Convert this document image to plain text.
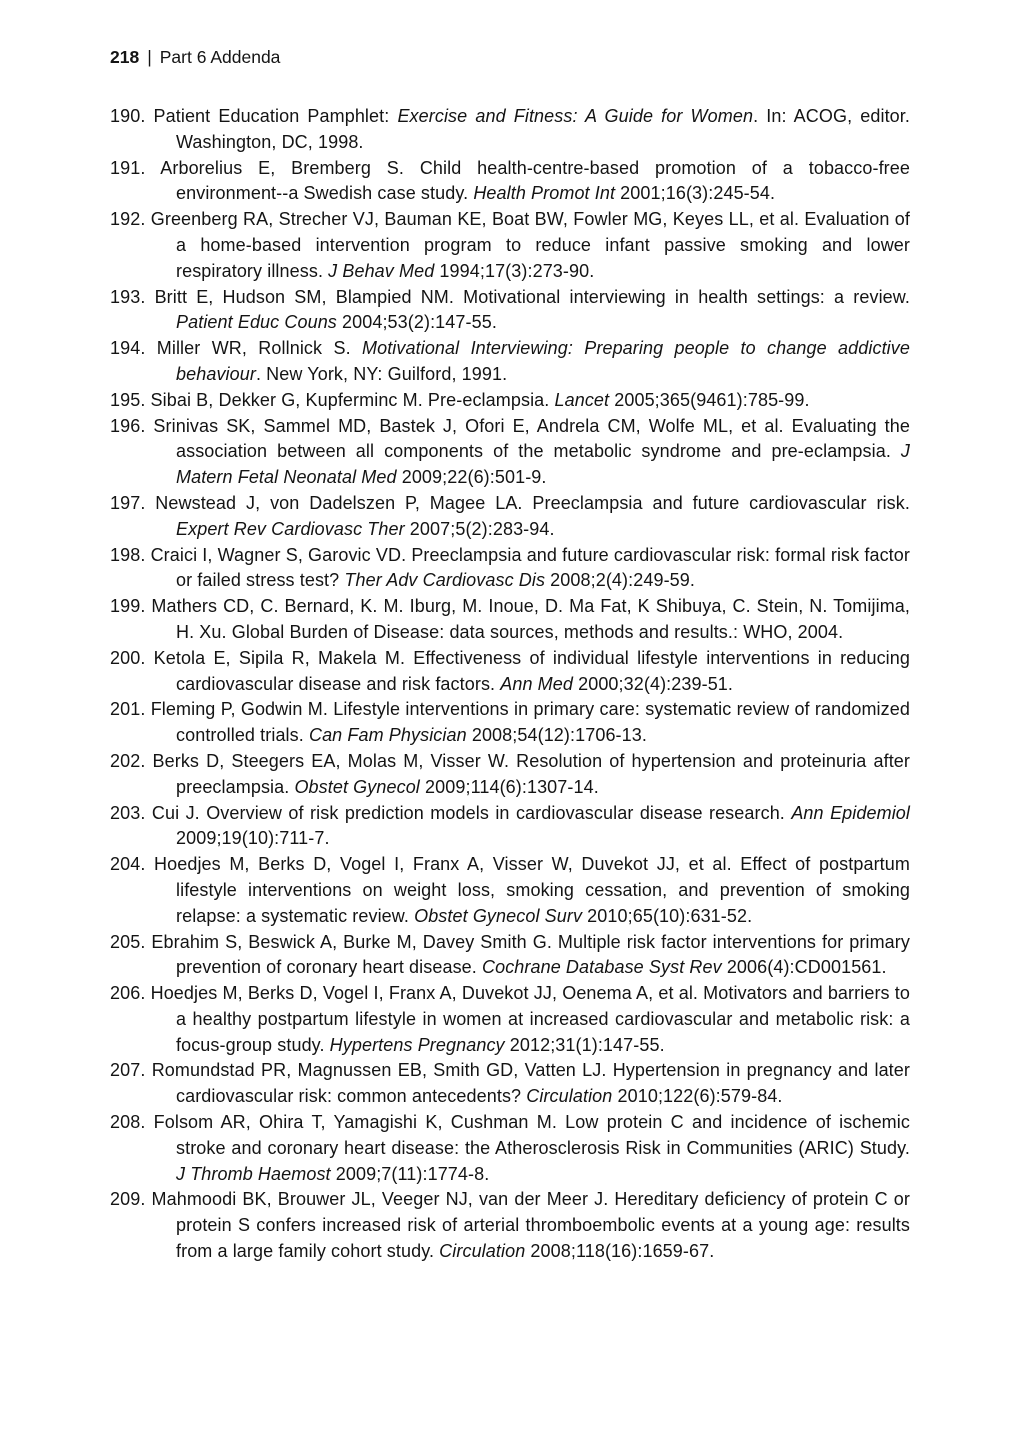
218 | Part 6 Addenda

190. Patient Education Pamphlet: Exercise and Fitness: A Guide for Women. In: ACOG, editor. Washington, DC, 1998.

191. Arborelius E, Bremberg S. Child health-centre-based promotion of a tobacco-free environment--a Swedish case study. Health Promot Int 2001;16(3):245-54.

192. Greenberg RA, Strecher VJ, Bauman KE, Boat BW, Fowler MG, Keyes LL, et al. Evaluation of a home-based intervention program to reduce infant passive smoking and lower respiratory illness. J Behav Med 1994;17(3):273-90.

193. Britt E, Hudson SM, Blampied NM. Motivational interviewing in health settings: a review. Patient Educ Couns 2004;53(2):147-55.

194. Miller WR, Rollnick S. Motivational Interviewing: Preparing people to change addictive behaviour. New York, NY: Guilford, 1991.

195. Sibai B, Dekker G, Kupferminc M. Pre-eclampsia. Lancet 2005;365(9461):785-99.

196. Srinivas SK, Sammel MD, Bastek J, Ofori E, Andrela CM, Wolfe ML, et al. Evaluating the association between all components of the metabolic syndrome and pre-eclampsia. J Matern Fetal Neonatal Med 2009;22(6):501-9.

197. Newstead J, von Dadelszen P, Magee LA. Preeclampsia and future cardiovascular risk. Expert Rev Cardiovasc Ther 2007;5(2):283-94.

198. Craici I, Wagner S, Garovic VD. Preeclampsia and future cardiovascular risk: formal risk factor or failed stress test? Ther Adv Cardiovasc Dis 2008;2(4):249-59.

199. Mathers CD, C. Bernard, K. M. Iburg, M. Inoue, D. Ma Fat, K Shibuya, C. Stein, N. Tomijima, H. Xu. Global Burden of Disease: data sources, methods and results.: WHO, 2004.

200. Ketola E, Sipila R, Makela M. Effectiveness of individual lifestyle interventions in reducing cardiovascular disease and risk factors. Ann Med 2000;32(4):239-51.

201. Fleming P, Godwin M. Lifestyle interventions in primary care: systematic review of randomized controlled trials. Can Fam Physician 2008;54(12):1706-13.

202. Berks D, Steegers EA, Molas M, Visser W. Resolution of hypertension and proteinuria after preeclampsia. Obstet Gynecol 2009;114(6):1307-14.

203. Cui J. Overview of risk prediction models in cardiovascular disease research. Ann Epidemiol 2009;19(10):711-7.

204. Hoedjes M, Berks D, Vogel I, Franx A, Visser W, Duvekot JJ, et al. Effect of postpartum lifestyle interventions on weight loss, smoking cessation, and prevention of smoking relapse: a systematic review. Obstet Gynecol Surv 2010;65(10):631-52.

205. Ebrahim S, Beswick A, Burke M, Davey Smith G. Multiple risk factor interventions for primary prevention of coronary heart disease. Cochrane Database Syst Rev 2006(4):CD001561.

206. Hoedjes M, Berks D, Vogel I, Franx A, Duvekot JJ, Oenema A, et al. Motivators and barriers to a healthy postpartum lifestyle in women at increased cardiovascular and metabolic risk: a focus-group study. Hypertens Pregnancy 2012;31(1):147-55.

207. Romundstad PR, Magnussen EB, Smith GD, Vatten LJ. Hypertension in pregnancy and later cardiovascular risk: common antecedents? Circulation 2010;122(6):579-84.

208. Folsom AR, Ohira T, Yamagishi K, Cushman M. Low protein C and incidence of ischemic stroke and coronary heart disease: the Atherosclerosis Risk in Communities (ARIC) Study. J Thromb Haemost 2009;7(11):1774-8.

209. Mahmoodi BK, Brouwer JL, Veeger NJ, van der Meer J. Hereditary deficiency of protein C or protein S confers increased risk of arterial thromboembolic events at a young age: results from a large family cohort study. Circulation 2008;118(16):1659-67.
